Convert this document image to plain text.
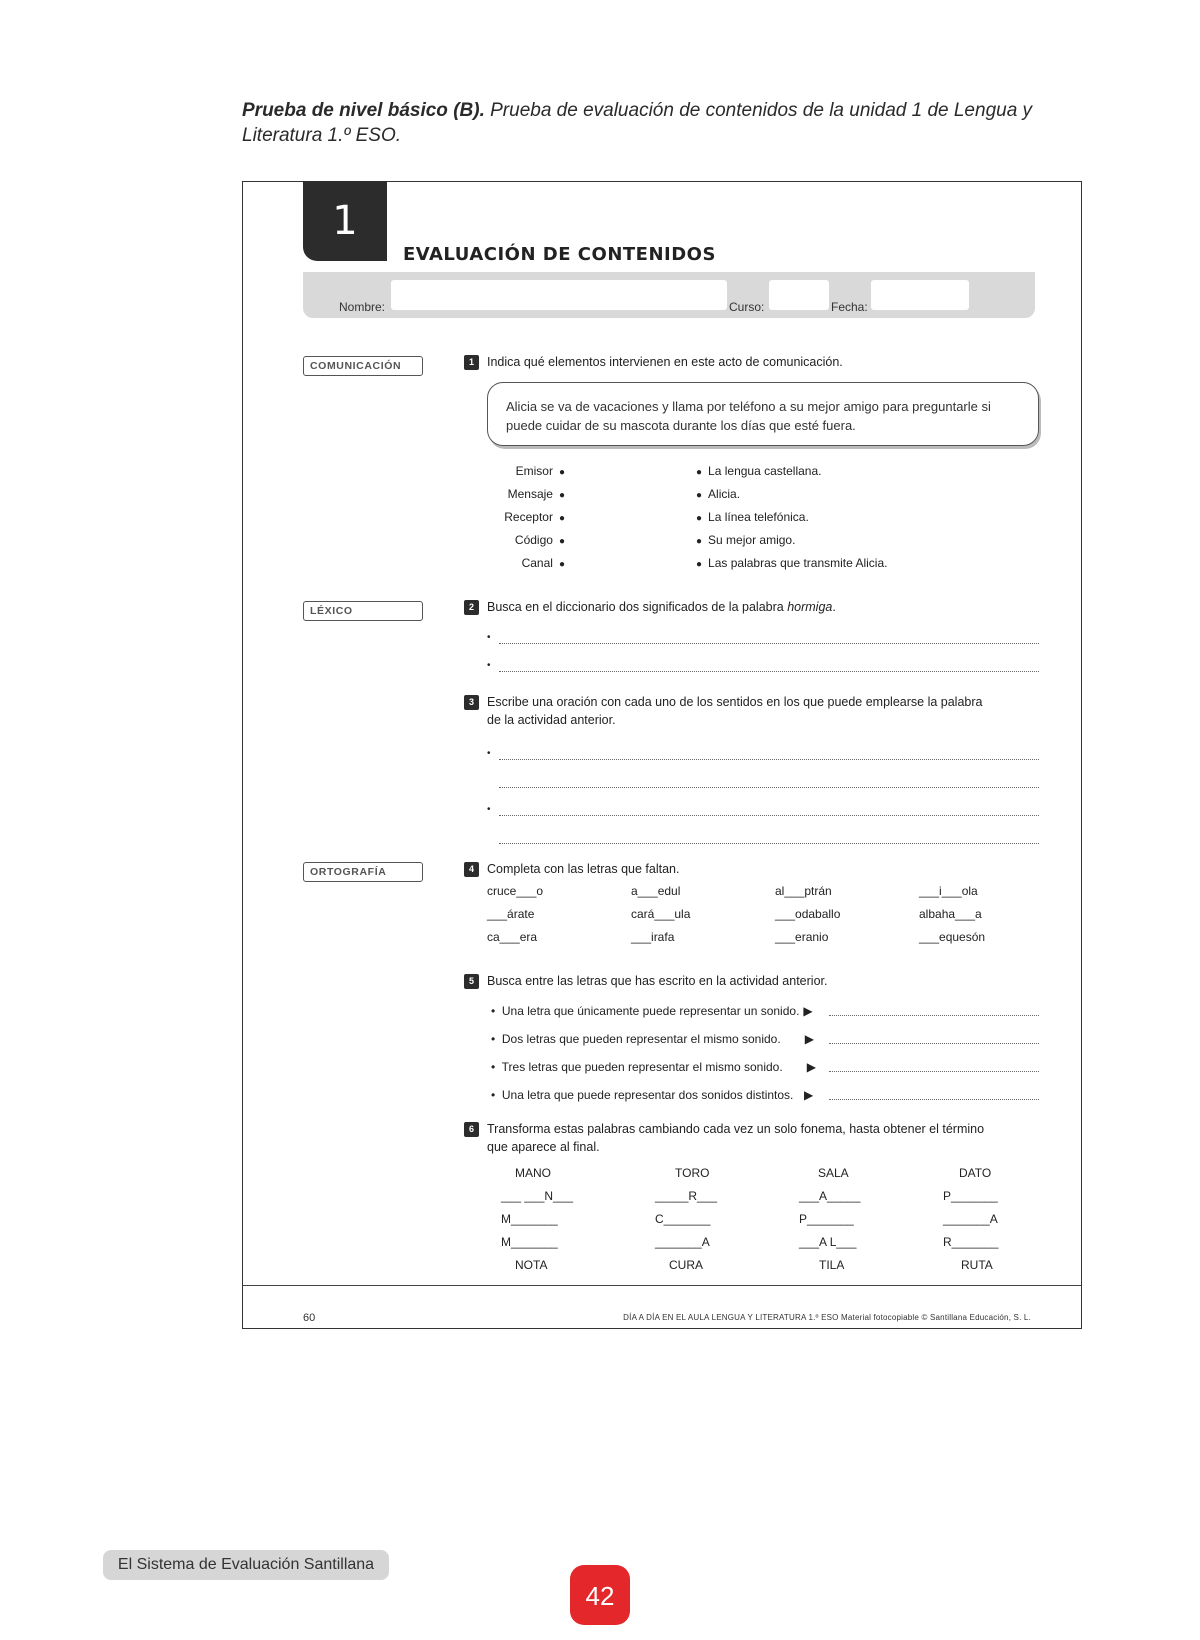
Prueba de nivel básico (B). Prueba de evaluación de contenidos de la unidad 1 de Lengua y Literatura 1.º ESO.
1
EVALUACIÓN DE CONTENIDOS
Nombre:	Curso:	Fecha:
COMUNICACIÓN	1	Indica qué elementos intervienen en este acto de comunicación.
Alicia se va de vacaciones y llama por teléfono a su mejor amigo para preguntarle si puede cuidar de su mascota durante los días que esté fuera.
Emisor ●
Mensaje ●
Receptor ●
Código ●
Canal ●
● La lengua castellana.
● Alicia.
● La línea telefónica.
● Su mejor amigo.
● Las palabras que transmite Alicia.
LÉXICO	2	Busca en el diccionario dos significados de la palabra hormiga.
•
•
3	Escribe una oración con cada uno de los sentidos en los que puede emplearse la palabra de la actividad anterior.
•
•
ORTOGRAFÍA	4	Completa con las letras que faltan.
cruce___o	a___edul	al___ptrán	___i___ola
___árate	cará___ula	___odaballo	albaha___a
ca___era	___irafa	___eranio	___equesón
5	Busca entre las letras que has escrito en la actividad anterior.
•  Una letra que únicamente puede representar un sonido. ▶
•  Dos letras que pueden representar el mismo sonido.      ▶
•  Tres letras que pueden representar el mismo sonido.      ▶
•  Una letra que puede representar dos sonidos distintos.  ▶
6	Transforma estas palabras cambiando cada vez un solo fonema, hasta obtener el término que aparece al final.
MANO	TORO	SALA	DATO
___ ___N___	_____R___	___A_____	P_______
M_______	C_______	P_______	_______A
M_______	_______A	___A L___	R_______
NOTA	CURA	TILA	RUTA
60	DÍA A DÍA EN EL AULA LENGUA Y LITERATURA 1.º ESO Material fotocopiable © Santillana Educación, S. L.
El Sistema de Evaluación Santillana
42
